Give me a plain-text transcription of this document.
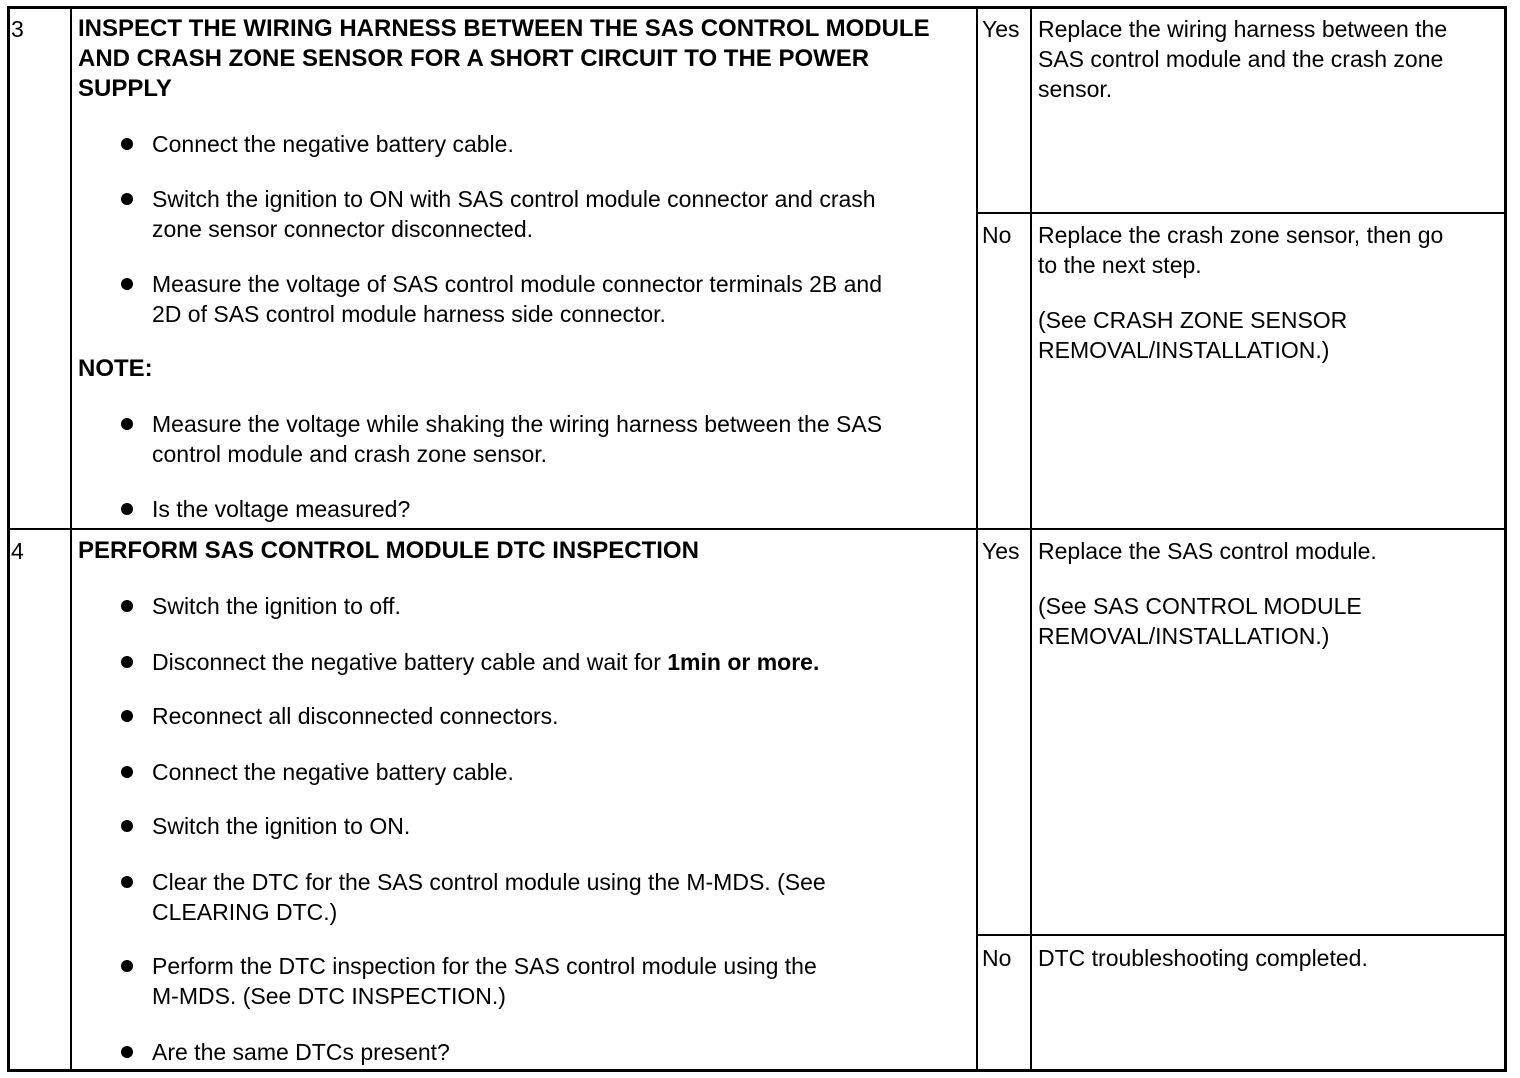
3 INSPECT THE WIRING HARNESS BETWEEN THE SAS CONTROL MODULE
AND CRASH ZONE SENSOR FOR A SHORT CIRCUIT TO THE POWER
SUPPLY
Connect the negative battery cable.
Switch the ignition to ON with SAS control module connector and crash
zone sensor connector disconnected.
Measure the voltage of SAS control module connector terminals 2B and
2D of SAS control module harness side connector.
NOTE:
Measure the voltage while shaking the wiring harness between the SAS
control module and crash zone sensor.
Is the voltage measured?
Yes Replace the wiring harness between the
SAS control module and the crash zone
sensor.
No Replace the crash zone sensor, then go
to the next step.
(See CRASH ZONE SENSOR
REMOVAL/INSTALLATION.)
4 PERFORM SAS CONTROL MODULE DTC INSPECTION
Switch the ignition to off.
Disconnect the negative battery cable and wait for 1min or more.
Reconnect all disconnected connectors.
Connect the negative battery cable.
Switch the ignition to ON.
Clear the DTC for the SAS control module using the M-MDS. (See
CLEARING DTC.)
Perform the DTC inspection for the SAS control module using the
M-MDS. (See DTC INSPECTION.)
Are the same DTCs present?
Yes Replace the SAS control module.
(See SAS CONTROL MODULE
REMOVAL/INSTALLATION.)
No DTC troubleshooting completed.
